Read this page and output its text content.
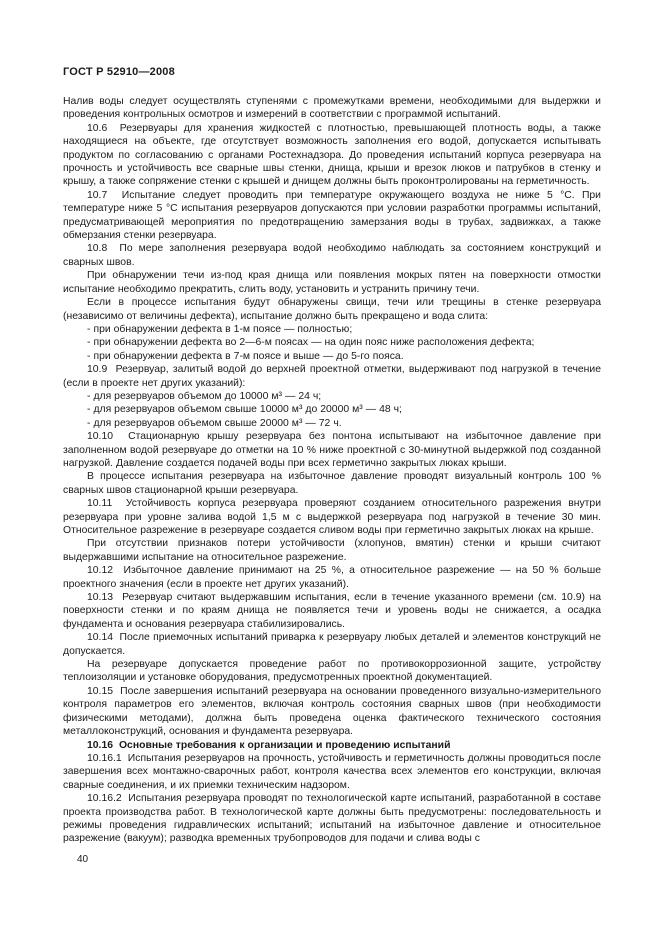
ГОСТ Р 52910—2008

Налив воды следует осуществлять ступенями с промежутками времени, необходимыми для выдержки и проведения контрольных осмотров и измерений в соответствии с программой испытаний.

10.6  Резервуары для хранения жидкостей с плотностью, превышающей плотность воды, а также находящиеся на объекте, где отсутствует возможность заполнения его водой, допускается испытывать продуктом по согласованию с органами Ростехнадзора. До проведения испытаний корпуса резервуара на прочность и устойчивость все сварные швы стенки, днища, крыши и врезок люков и патрубков в стенку и крышу, а также сопряжение стенки с крышей и днищем должны быть проконтролированы на герметичность.

10.7  Испытание следует проводить при температуре окружающего воздуха не ниже 5 °С. При температуре ниже 5 °С испытания резервуаров допускаются при условии разработки программы испытаний, предусматривающей мероприятия по предотвращению замерзания воды в трубах, задвижках, а также обмерзания стенки резервуара.

10.8  По мере заполнения резервуара водой необходимо наблюдать за состоянием конструкций и сварных швов.

При обнаружении течи из-под края днища или появления мокрых пятен на поверхности отмостки испытание необходимо прекратить, слить воду, установить и устранить причину течи.

Если в процессе испытания будут обнаружены свищи, течи или трещины в стенке резервуара (независимо от величины дефекта), испытание должно быть прекращено и вода слита:

- при обнаружении дефекта в 1-м поясе — полностью;

- при обнаружении дефекта во 2—6-м поясах — на один пояс ниже расположения дефекта;

- при обнаружении дефекта в 7-м поясе и выше — до 5-го пояса.

10.9  Резервуар, залитый водой до верхней проектной отметки, выдерживают под нагрузкой в течение (если в проекте нет других указаний):

- для резервуаров объемом до 10000 м³ — 24 ч;

- для резервуаров объемом свыше 10000 м³ до 20000 м³ — 48 ч;

- для резервуаров объемом свыше 20000 м³ — 72 ч.

10.10  Стационарную крышу резервуара без понтона испытывают на избыточное давление при заполненном водой резервуаре до отметки на 10 % ниже проектной с 30-минутной выдержкой под созданной нагрузкой. Давление создается подачей воды при всех герметично закрытых люках крыши.

В процессе испытания резервуара на избыточное давление проводят визуальный контроль 100 % сварных швов стационарной крыши резервуара.

10.11  Устойчивость корпуса резервуара проверяют созданием относительного разрежения внутри резервуара при уровне залива водой 1,5 м с выдержкой резервуара под нагрузкой в течение 30 мин. Относительное разрежение в резервуаре создается сливом воды при герметично закрытых люках на крыше.

При отсутствии признаков потери устойчивости (хлопунов, вмятин) стенки и крыши считают выдержавшими испытание на относительное разрежение.

10.12  Избыточное давление принимают на 25 %, а относительное разрежение — на 50 % больше проектного значения (если в проекте нет других указаний).

10.13  Резервуар считают выдержавшим испытания, если в течение указанного времени (см. 10.9) на поверхности стенки и по краям днища не появляется течи и уровень воды не снижается, а осадка фундамента и основания резервуара стабилизировались.

10.14  После приемочных испытаний приварка к резервуару любых деталей и элементов конструкций не допускается.

На резервуаре допускается проведение работ по противокоррозионной защите, устройству теплоизоляции и установке оборудования, предусмотренных проектной документацией.

10.15  После завершения испытаний резервуара на основании проведенного визуально-измерительного контроля параметров его элементов, включая контроль состояния сварных швов (при необходимости физическими методами), должна быть проведена оценка фактического технического состояния металлоконструкций, основания и фундамента резервуара.

10.16  Основные требования к организации и проведению испытаний

10.16.1  Испытания резервуаров на прочность, устойчивость и герметичность должны проводиться после завершения всех монтажно-сварочных работ, контроля качества всех элементов его конструкции, включая сварные соединения, и их приемки техническим надзором.

10.16.2  Испытания резервуара проводят по технологической карте испытаний, разработанной в составе проекта производства работ. В технологической карте должны быть предусмотрены: последовательность и режимы проведения гидравлических испытаний; испытаний на избыточное давление и относительное разрежение (вакуум); разводка временных трубопроводов для подачи и слива воды с

40
